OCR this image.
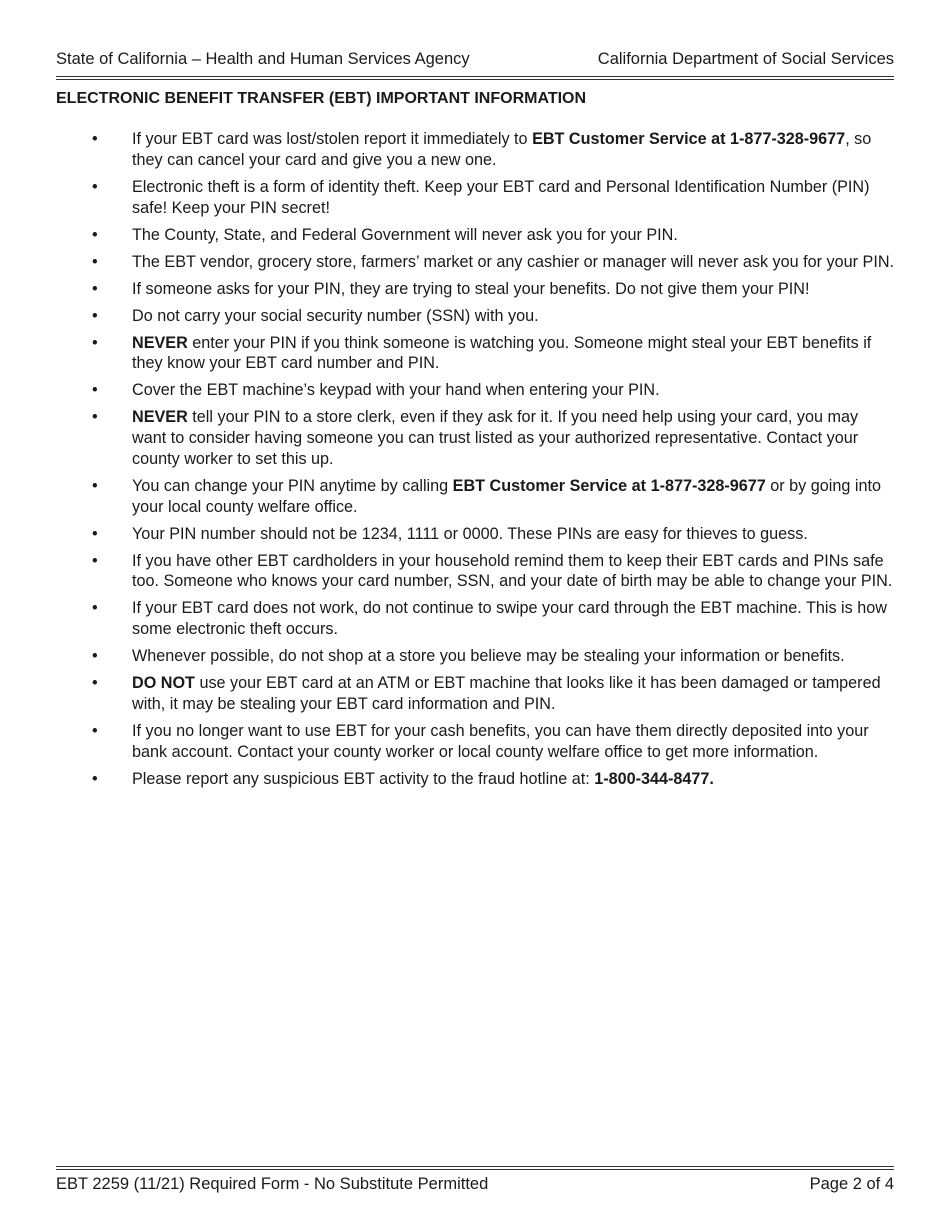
State of California – Health and Human Services Agency	California Department of Social Services
ELECTRONIC BENEFIT TRANSFER (EBT) IMPORTANT INFORMATION
•	If your EBT card was lost/stolen report it immediately to EBT Customer Service at 1-877-328-9677, so they can cancel your card and give you a new one.
•	Electronic theft is a form of identity theft. Keep your EBT card and Personal Identification Number (PIN) safe! Keep your PIN secret!
•	The County, State, and Federal Government will never ask you for your PIN.
•	The EBT vendor, grocery store, farmers’ market or any cashier or manager will never ask you for your PIN.
•	If someone asks for your PIN, they are trying to steal your benefits. Do not give them your PIN!
•	Do not carry your social security number (SSN) with you.
•	NEVER enter your PIN if you think someone is watching you. Someone might steal your EBT benefits if they know your EBT card number and PIN.
•	Cover the EBT machine’s keypad with your hand when entering your PIN.
•	NEVER tell your PIN to a store clerk, even if they ask for it. If you need help using your card, you may want to consider having someone you can trust listed as your authorized representative. Contact your county worker to set this up.
•	You can change your PIN anytime by calling EBT Customer Service at 1-877-328-9677 or by going into your local county welfare office.
•	Your PIN number should not be 1234, 1111 or 0000. These PINs are easy for thieves to guess.
•	If you have other EBT cardholders in your household remind them to keep their EBT cards and PINs safe too. Someone who knows your card number, SSN, and your date of birth may be able to change your PIN.
•	If your EBT card does not work, do not continue to swipe your card through the EBT machine. This is how some electronic theft occurs.
•	Whenever possible, do not shop at a store you believe may be stealing your information or benefits.
•	DO NOT use your EBT card at an ATM or EBT machine that looks like it has been damaged or tampered with, it may be stealing your EBT card information and PIN.
•	If you no longer want to use EBT for your cash benefits, you can have them directly deposited into your bank account. Contact your county worker or local county welfare office to get more information.
•	Please report any suspicious EBT activity to the fraud hotline at: 1-800-344-8477.
EBT 2259 (11/21) Required Form - No Substitute Permitted	Page 2 of 4
